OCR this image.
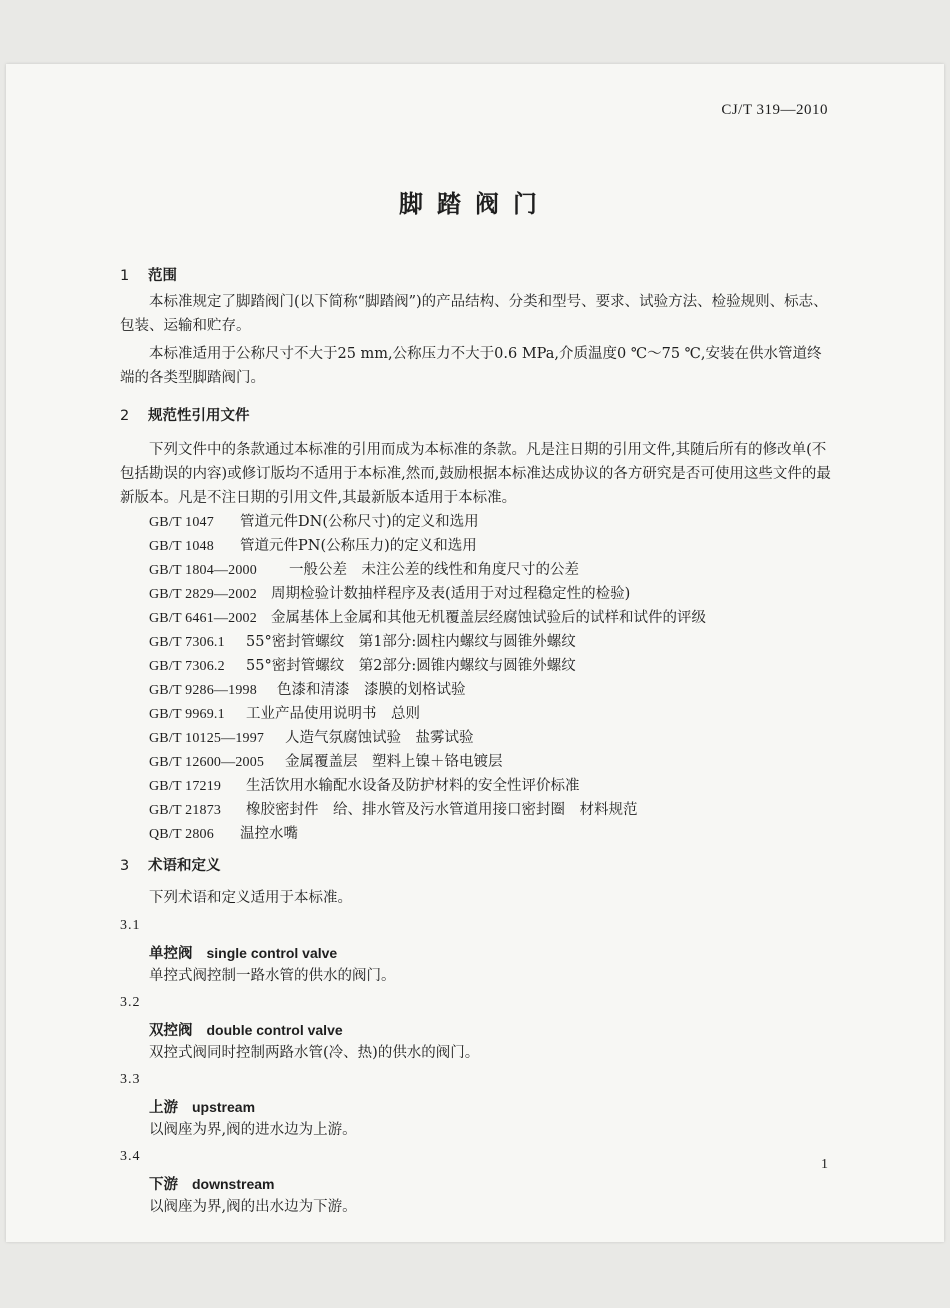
CJ/T 319—2010
脚踏阀门
1 范围
本标准规定了脚踏阀门(以下简称“脚踏阀”)的产品结构、分类和型号、要求、试验方法、检验规则、标志、包装、运输和贮存。
本标准适用于公称尺寸不大于25 mm,公称压力不大于0.6 MPa,介质温度0 ℃～75 ℃,安装在供水管道终端的各类型脚踏阀门。
2 规范性引用文件
下列文件中的条款通过本标准的引用而成为本标准的条款。凡是注日期的引用文件,其随后所有的修改单(不包括勘误的内容)或修订版均不适用于本标准,然而,鼓励根据本标准达成协议的各方研究是否可使用这些文件的最新版本。凡是不注日期的引用文件,其最新版本适用于本标准。
GB/T 1047 管道元件DN(公称尺寸)的定义和选用
GB/T 1048 管道元件PN(公称压力)的定义和选用
GB/T 1804—2000 一般公差　未注公差的线性和角度尺寸的公差
GB/T 2829—2002 周期检验计数抽样程序及表(适用于对过程稳定性的检验)
GB/T 6461—2002 金属基体上金属和其他无机覆盖层经腐蚀试验后的试样和试件的评级
GB/T 7306.1 55°密封管螺纹　第1部分:圆柱内螺纹与圆锥外螺纹
GB/T 7306.2 55°密封管螺纹　第2部分:圆锥内螺纹与圆锥外螺纹
GB/T 9286—1998 色漆和清漆　漆膜的划格试验
GB/T 9969.1 工业产品使用说明书　总则
GB/T 10125—1997 人造气氛腐蚀试验　盐雾试验
GB/T 12600—2005 金属覆盖层　塑料上镍＋铬电镀层
GB/T 17219 生活饮用水输配水设备及防护材料的安全性评价标准
GB/T 21873 橡胶密封件　给、排水管及污水管道用接口密封圈　材料规范
QB/T 2806 温控水嘴
3 术语和定义
下列术语和定义适用于本标准。
3.1
单控阀 single control valve
单控式阀控制一路水管的供水的阀门。
3.2
双控阀 double control valve
双控式阀同时控制两路水管(冷、热)的供水的阀门。
3.3
上游 upstream
以阀座为界,阀的进水边为上游。
3.4
下游 downstream
以阀座为界,阀的出水边为下游。
1
